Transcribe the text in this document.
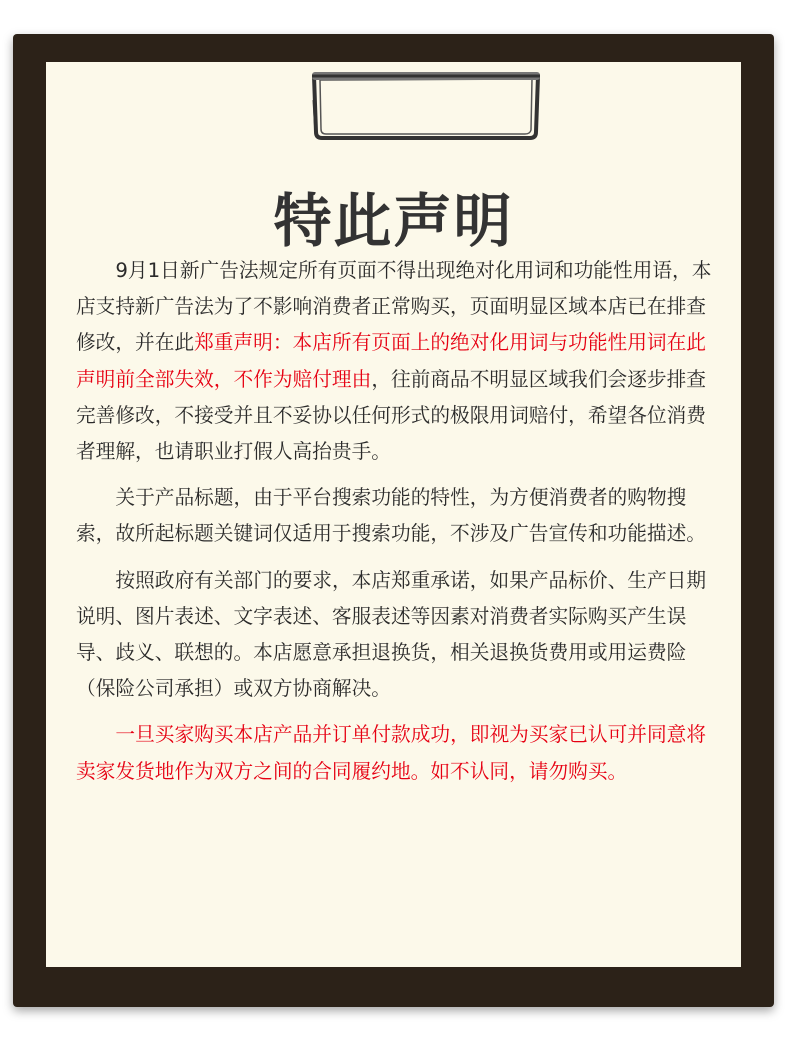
特此声明

9月1日新广告法规定所有页面不得出现绝对化用词和功能性用语，本店支持新广告法为了不影响消费者正常购买，页面明显区域本店已在排查修改，并在此郑重声明：本店所有页面上的绝对化用词与功能性用词在此声明前全部失效，不作为赔付理由，往前商品不明显区域我们会逐步排查完善修改，不接受并且不妥协以任何形式的极限用词赔付，希望各位消费者理解，也请职业打假人高抬贵手。

关于产品标题，由于平台搜索功能的特性，为方便消费者的购物搜索，故所起标题关键词仅适用于搜索功能，不涉及广告宣传和功能描述。

按照政府有关部门的要求，本店郑重承诺，如果产品标价、生产日期说明、图片表述、文字表述、客服表述等因素对消费者实际购买产生误导、歧义、联想的。本店愿意承担退换货，相关退换货费用或用运费险（保险公司承担）或双方协商解决。

一旦买家购买本店产品并订单付款成功，即视为买家已认可并同意将卖家发货地作为双方之间的合同履约地。如不认同，请勿购买。
